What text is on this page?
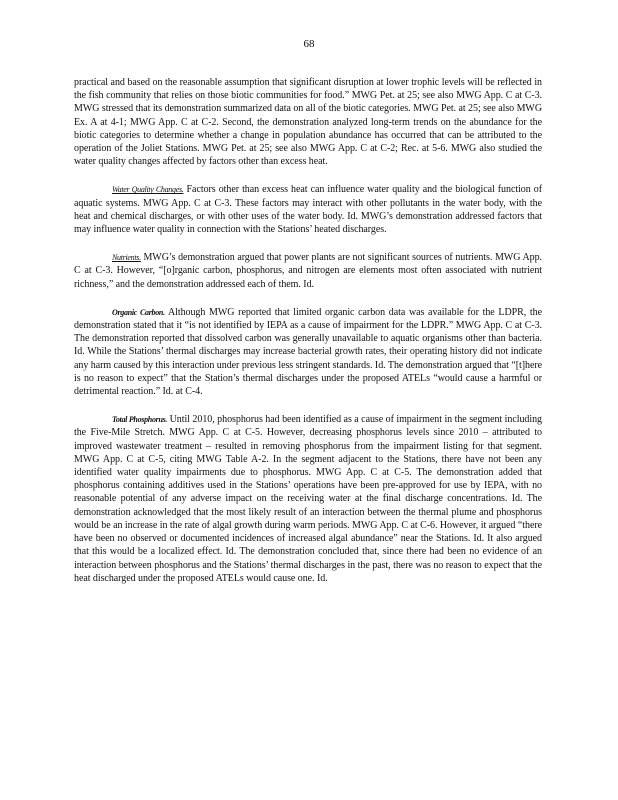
68

practical and based on the reasonable assumption that significant disruption at lower trophic levels will be reflected in the fish community that relies on those biotic communities for food.” MWG Pet. at 25; see also MWG App. C at C-3. MWG stressed that its demonstration summarized data on all of the biotic categories. MWG Pet. at 25; see also MWG Ex. A at 4-1; MWG App. C at C-2. Second, the demonstration analyzed long-term trends on the abundance for the biotic categories to determine whether a change in population abundance has occurred that can be attributed to the operation of the Joliet Stations. MWG Pet. at 25; see also MWG App. C at C-2; Rec. at 5-6. MWG also studied the water quality changes affected by factors other than excess heat.

Water Quality Changes. Factors other than excess heat can influence water quality and the biological function of aquatic systems. MWG App. C at C-3. These factors may interact with other pollutants in the water body, with the heat and chemical discharges, or with other uses of the water body. Id. MWG’s demonstration addressed factors that may influence water quality in connection with the Stations’ heated discharges.

Nutrients. MWG’s demonstration argued that power plants are not significant sources of nutrients. MWG App. C at C-3. However, “[o]rganic carbon, phosphorus, and nitrogen are elements most often associated with nutrient richness,” and the demonstration addressed each of them. Id.

Organic Carbon. Although MWG reported that limited organic carbon data was available for the LDPR, the demonstration stated that it “is not identified by IEPA as a cause of impairment for the LDPR.” MWG App. C at C-3. The demonstration reported that dissolved carbon was generally unavailable to aquatic organisms other than bacteria. Id. While the Stations’ thermal discharges may increase bacterial growth rates, their operating history did not indicate any harm caused by this interaction under previous less stringent standards. Id. The demonstration argued that “[t]here is no reason to expect” that the Station’s thermal discharges under the proposed ATELs “would cause a harmful or detrimental reaction.” Id. at C-4.

Total Phosphorus. Until 2010, phosphorus had been identified as a cause of impairment in the segment including the Five-Mile Stretch. MWG App. C at C-5. However, decreasing phosphorus levels since 2010 – attributed to improved wastewater treatment – resulted in removing phosphorus from the impairment listing for that segment. MWG App. C at C-5, citing MWG Table A-2. In the segment adjacent to the Stations, there have not been any identified water quality impairments due to phosphorus. MWG App. C at C-5. The demonstration added that phosphorus containing additives used in the Stations’ operations have been pre-approved for use by IEPA, with no reasonable potential of any adverse impact on the receiving water at the final discharge concentrations. Id. The demonstration acknowledged that the most likely result of an interaction between the thermal plume and phosphorus would be an increase in the rate of algal growth during warm periods. MWG App. C at C-6. However, it argued “there have been no observed or documented incidences of increased algal abundance” near the Stations. Id. It also argued that this would be a localized effect. Id. The demonstration concluded that, since there had been no evidence of an interaction between phosphorus and the Stations’ thermal discharges in the past, there was no reason to expect that the heat discharged under the proposed ATELs would cause one. Id.
